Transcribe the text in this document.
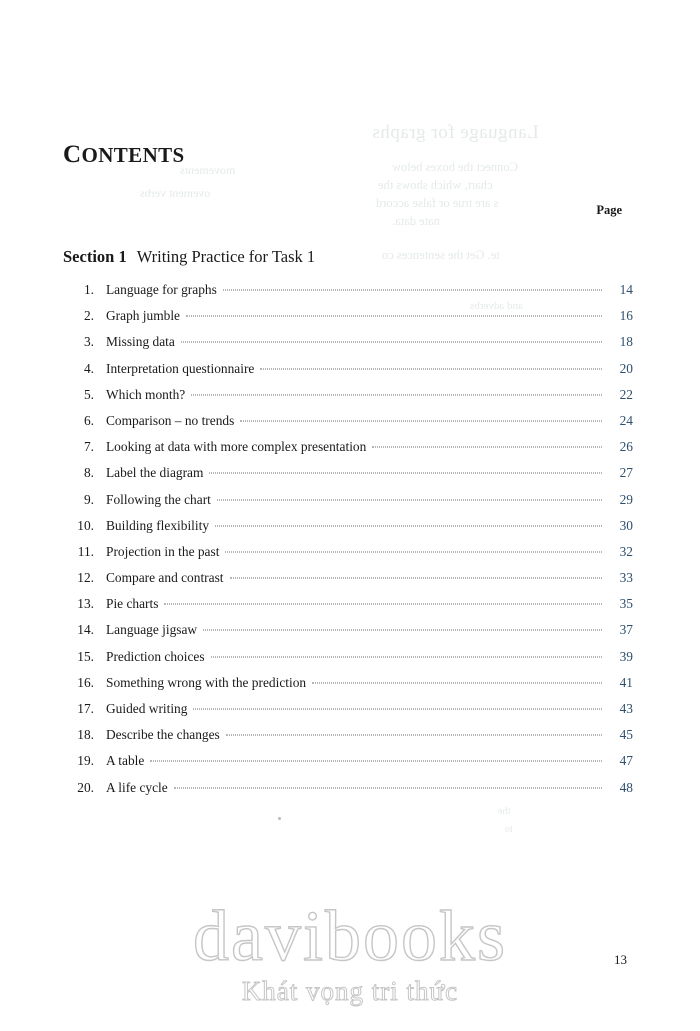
Language for graphs
Connect the boxes below
chart, which shows the
s are true or false accord
nate data.
te. Get the sentences co
movements
ovement verbs
and adverbs
the
to
CONTENTS
Page
Section 1 Writing Practice for Task 1
1. Language for graphs	14
2. Graph jumble	16
3. Missing data	18
4. Interpretation questionnaire	20
5. Which month?	22
6. Comparison – no trends	24
7. Looking at data with more complex presentation	26
8. Label the diagram	27
9. Following the chart	29
10. Building flexibility	30
11. Projection in the past	32
12. Compare and contrast	33
13. Pie charts	35
14. Language jigsaw	37
15. Prediction choices	39
16. Something wrong with the prediction	41
17. Guided writing	43
18. Describe the changes	45
19. A table	47
20. A life cycle	48
davibooks
Khát vọng tri thức
13
